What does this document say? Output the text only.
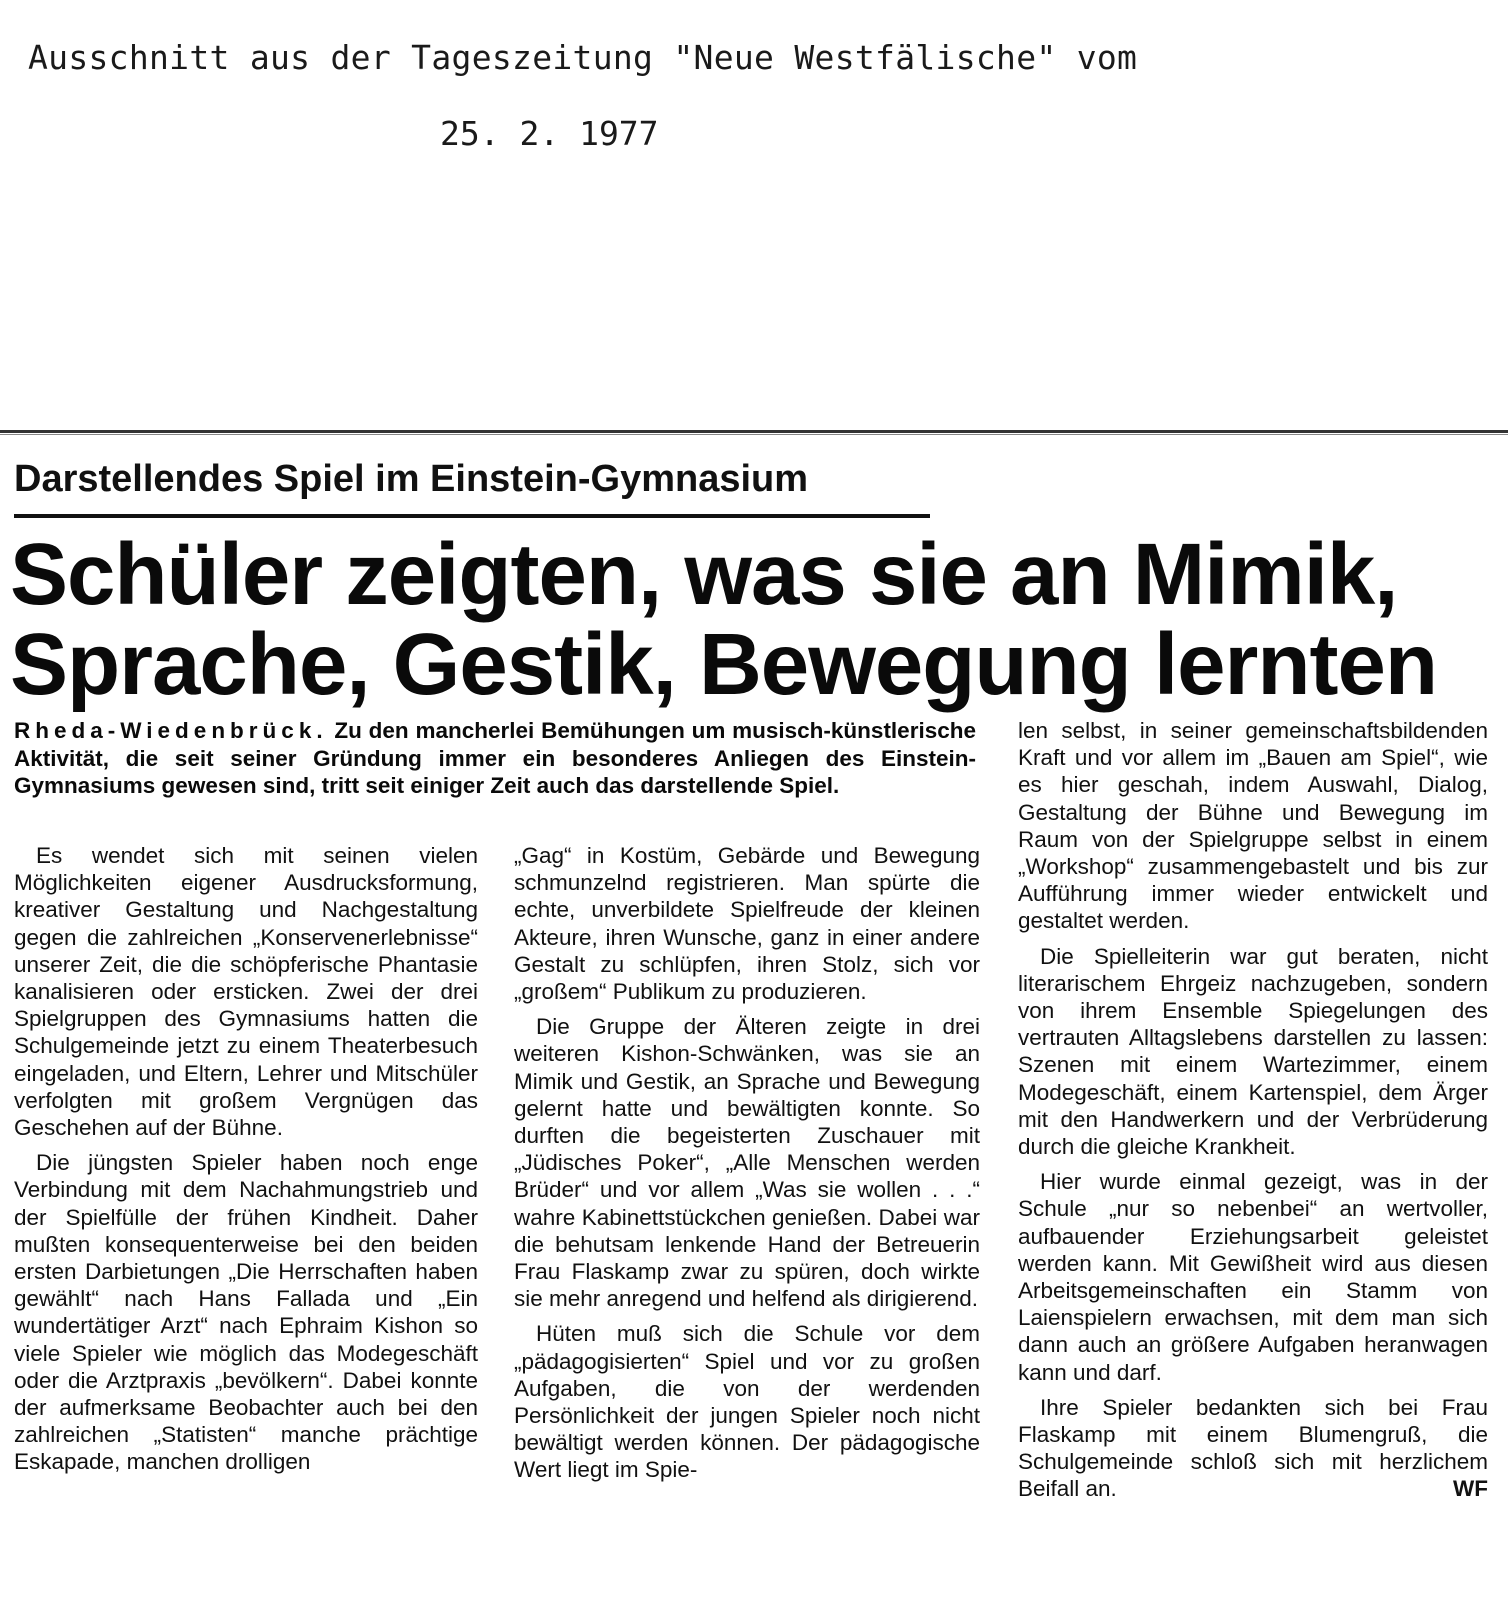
Ausschnitt aus der Tageszeitung "Neue Westfälische" vom
25. 2. 1977
Darstellendes Spiel im Einstein-Gymnasium
Schüler zeigten, was sie an Mimik,
Sprache, Gestik, Bewegung lernten
Rheda-Wiedenbrück. Zu den mancherlei Bemühungen um musisch-künstlerische Aktivität, die seit seiner Gründung immer ein besonderes Anliegen des Einstein-Gymnasiums gewesen sind, tritt seit einiger Zeit auch das darstellende Spiel.

Es wendet sich mit seinen vielen Möglichkeiten eigener Ausdrucksformung, kreativer Gestaltung und Nachgestaltung gegen die zahlreichen „Konservenerlebnisse“ unserer Zeit, die die schöpferische Phantasie kanalisieren oder ersticken. Zwei der drei Spielgruppen des Gymnasiums hatten die Schulgemeinde jetzt zu einem Theaterbesuch eingeladen, und Eltern, Lehrer und Mitschüler verfolgten mit großem Vergnügen das Geschehen auf der Bühne.

Die jüngsten Spieler haben noch enge Verbindung mit dem Nachahmungstrieb und der Spielfülle der frühen Kindheit. Daher mußten konsequenterweise bei den beiden ersten Darbietungen „Die Herrschaften haben gewählt“ nach Hans Fallada und „Ein wundertätiger Arzt“ nach Ephraim Kishon so viele Spieler wie möglich das Modegeschäft oder die Arztpraxis „bevölkern“. Dabei konnte der aufmerksame Beobachter auch bei den zahlreichen „Statisten“ manche prächtige Eskapade, manchen drolligen

„Gag“ in Kostüm, Gebärde und Bewegung schmunzelnd registrieren. Man spürte die echte, unverbildete Spielfreude der kleinen Akteure, ihren Wunsche, ganz in einer andere Gestalt zu schlüpfen, ihren Stolz, sich vor „großem“ Publikum zu produzieren.

Die Gruppe der Älteren zeigte in drei weiteren Kishon-Schwänken, was sie an Mimik und Gestik, an Sprache und Bewegung gelernt hatte und bewältigten konnte. So durften die begeisterten Zuschauer mit „Jüdisches Poker“, „Alle Menschen werden Brüder“ und vor allem „Was sie wollen . . .“ wahre Kabinettstückchen genießen. Dabei war die behutsam lenkende Hand der Betreuerin Frau Flaskamp zwar zu spüren, doch wirkte sie mehr anregend und helfend als dirigierend.

Hüten muß sich die Schule vor dem „pädagogisierten“ Spiel und vor zu großen Aufgaben, die von der werdenden Persönlichkeit der jungen Spieler noch nicht bewältigt werden können. Der pädagogische Wert liegt im Spie-

len selbst, in seiner gemeinschaftsbildenden Kraft und vor allem im „Bauen am Spiel“, wie es hier geschah, indem Auswahl, Dialog, Gestaltung der Bühne und Bewegung im Raum von der Spielgruppe selbst in einem „Workshop“ zusammengebastelt und bis zur Aufführung immer wieder entwickelt und gestaltet werden.

Die Spielleiterin war gut beraten, nicht literarischem Ehrgeiz nachzugeben, sondern von ihrem Ensemble Spiegelungen des vertrauten Alltagslebens darstellen zu lassen: Szenen mit einem Wartezimmer, einem Modegeschäft, einem Kartenspiel, dem Ärger mit den Handwerkern und der Verbrüderung durch die gleiche Krankheit.

Hier wurde einmal gezeigt, was in der Schule „nur so nebenbei“ an wertvoller, aufbauender Erziehungsarbeit geleistet werden kann. Mit Gewißheit wird aus diesen Arbeitsgemeinschaften ein Stamm von Laienspielern erwachsen, mit dem man sich dann auch an größere Aufgaben heranwagen kann und darf.

Ihre Spieler bedankten sich bei Frau Flaskamp mit einem Blumengruß, die Schulgemeinde schloß sich mit herzlichem Beifall an.	WF
